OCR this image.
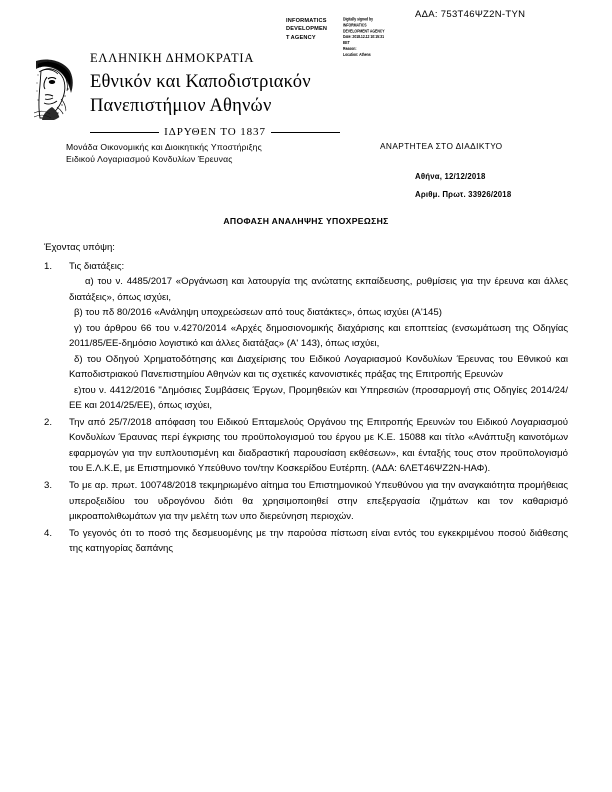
ΑΔΑ: 753Τ46ΨΖ2Ν-ΤΥΝ
INFORMATICS
DEVELOPMEN
T AGENCY
Digitally signed by
INFORMATICS
DEVELOPMENT AGENCY
Date: 2018.12.12 10:15:31
EET
Reason:
Location: Athens
ΕΛΛΗΝΙΚΗ ΔΗΜΟΚΡΑΤΙΑ
Εθνικόν και Καποδιστριακόν
Πανεπιστήμιον Αθηνών
ΙΔΡΥΘΕΝ ΤΟ 1837
Μονάδα Οικονομικής και Διοικητικής Υποστήριξης
Ειδικού Λογαριασμού Κονδυλίων Έρευνας
ΑΝΑΡΤΗΤΕΑ ΣΤΟ ΔΙΑΔΙΚΤΥΟ
Αθήνα, 12/12/2018
Αριθμ. Πρωτ. 33926/2018
ΑΠΟΦΑΣΗ ΑΝΑΛΗΨΗΣ ΥΠΟΧΡΕΩΣΗΣ

Έχοντας υπόψη:

1.	Τις διατάξεις:
α) του ν. 4485/2017 «Οργάνωση και λατουργία της ανώτατης εκπαίδευσης, ρυθμίσεις για την έρευνα και άλλες διατάξεις», όπως ισχύει,
β) του πδ 80/2016 «Ανάληψη υποχρεώσεων από τους διατάκτες», όπως ισχύει (Α'145)
γ) του άρθρου 66 του ν.4270/2014 «Αρχές δημοσιονομικής διαχάρισης και εποπτείας (ενσωμάτωση της Οδηγίας 2011/85/ΕΕ-δημόσιο λογιστικό και άλλες διατάξας» (Α' 143), όπως ισχύει,
δ) του Οδηγού Χρηματοδότησης και Διαχείρισης του Ειδικού Λογαριασμού Κονδυλίων Έρευνας του Εθνικού και Καποδιστριακού Πανεπιστημίου Αθηνών και τις σχετικές κανονιστικές πράξας της Επιτροπής Ερευνών
ε)του ν. 4412/2016 "Δημόσιες Συμβάσεις Έργων, Προμηθειών και Υπηρεσιών (προσαρμογή στις Οδηγίες 2014/24/ΕΕ και 2014/25/ΕΕ), όπως ισχύει,
2.	Την από 25/7/2018 απόφαση του Ειδικού Επταμελούς Οργάνου της Επιτροπής Ερευνών του Ειδικού Λογαριασμού Κονδυλίων Έραυνας περί έγκρισης του προϋπολογισμού του έργου με Κ.Ε. 15088 και τίτλο «Ανάπτυξη καινοτόμων εφαρμογών για την ευπλουτισμένη και διαδραστική παρουσίαση εκθέσεων», και ένταξής τους στον προϋπολογισμό του Ε.Λ.Κ.Ε, με Επιστημονικό Υπεύθυνο τον/την Κοσκερίδου Ευτέρπη. (ΑΔΑ: 6ΛΕΤ46ΨΖ2Ν-ΗΑΦ).
3.	Το με αρ. πρωτ. 100748/2018 τεκμηριωμένο αίτημα του Επιστημονικού Υπευθύνου για την αναγκαιότητα προμήθειας υπεροξειδίου του υδρογόνου διότι θα χρησιμοποιηθεί στην επεξεργασία ιζημάτων και τον καθαρισμό μικροαπολιθωμάτων για την μελέτη των υπο διερεύνηση περιοχών.
4.	Το γεγονός ότι το ποσό της δεσμευομένης με την παρούσα πίστωση είναι εντός του εγκεκριμένου ποσού διάθεσης της κατηγορίας δαπάνης
